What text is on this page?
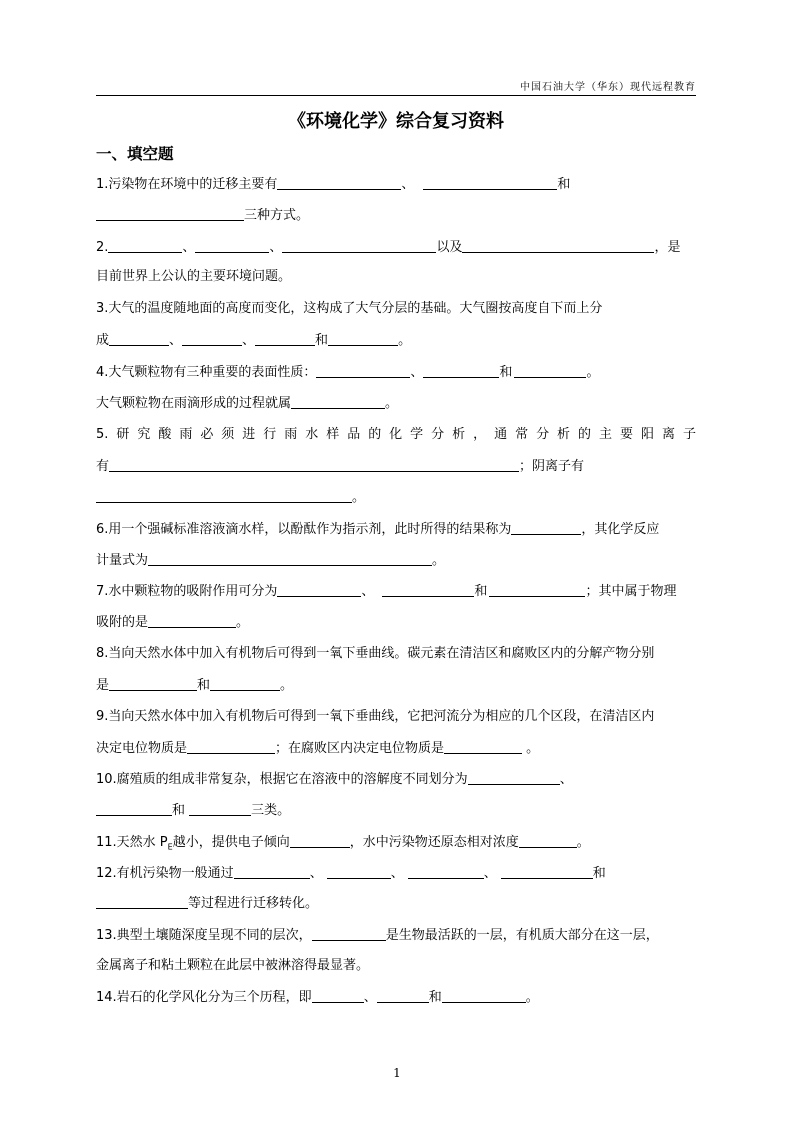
中国石油大学（华东）现代远程教育
《环境化学》综合复习资料
一、填空题
1.污染物在环境中的迁移主要有	、	和
三种方式。
2.	、	、	以及	，是
目前世界上公认的主要环境问题。
3.大气的温度随地面的高度而变化，这构成了大气分层的基础。大气圈按高度自下而上分
成	、	、	和	。
4.大气颗粒物有三种重要的表面性质：	、	和	。
大气颗粒物在雨滴形成的过程就属	。
5. 研 究 酸 雨 必 须 进 行 雨 水 样 品 的 化 学 分 析 ， 通 常 分 析 的 主 要 阳 离 子
有	；阴离子有
。
6.用一个强碱标准溶液滴水样，以酚酞作为指示剂，此时所得的结果称为	，其化学反应
计量式为	。
7.水中颗粒物的吸附作用可分为	、	和	；其中属于物理
吸附的是	。
8.当向天然水体中加入有机物后可得到一氧下垂曲线。碳元素在清洁区和腐败区内的分解产物分别
是	和	。
9.当向天然水体中加入有机物后可得到一氧下垂曲线，它把河流分为相应的几个区段，在清洁区内
决定电位物质是	；在腐败区内决定电位物质是	。
10.腐殖质的组成非常复杂，根据它在溶液中的溶解度不同划分为	、
和	三类。
11.天然水 $P_E$越小，提供电子倾向	，水中污染物还原态相对浓度	。
12.有机污染物一般通过	、	、	、	和
等过程进行迁移转化。
13.典型土壤随深度呈现不同的层次，	是生物最活跃的一层，有机质大部分在这一层，
金属离子和粘土颗粒在此层中被淋溶得最显著。
14.岩石的化学风化分为三个历程，即	、	和	。
1
